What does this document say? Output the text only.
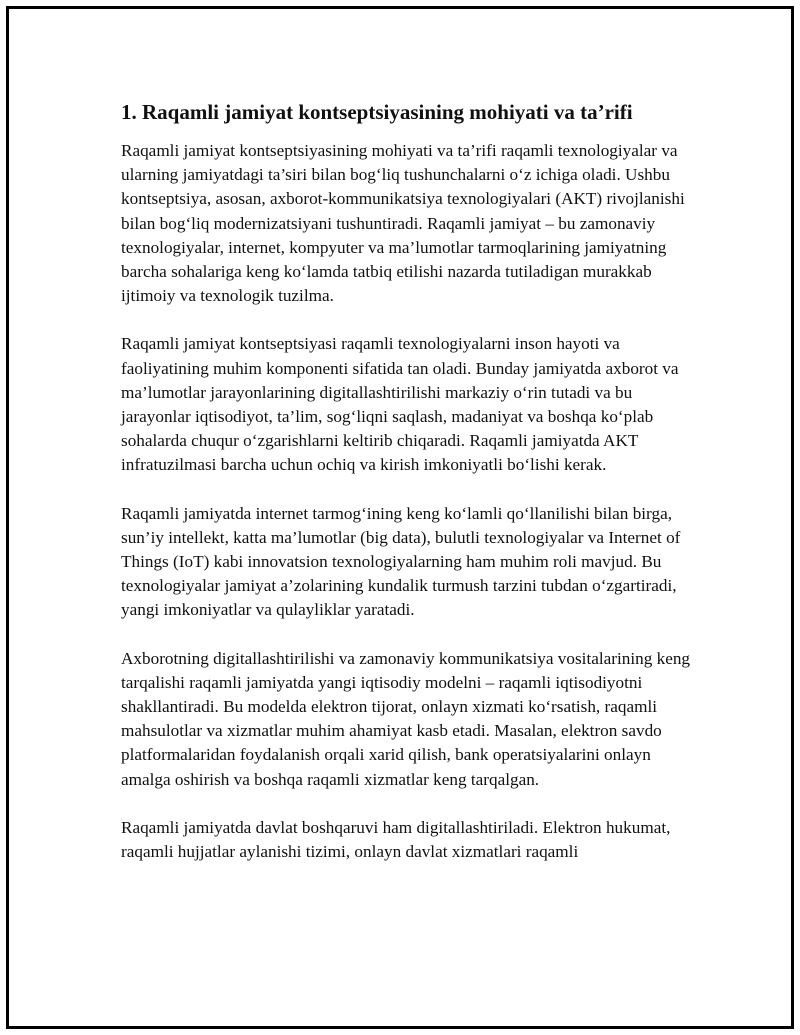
1. Raqamli jamiyat kontseptsiyasining mohiyati va ta’rifi

Raqamli jamiyat kontseptsiyasining mohiyati va ta’rifi raqamli texnologiyalar va ularning jamiyatdagi ta’siri bilan bog‘liq tushunchalarni o‘z ichiga oladi. Ushbu kontseptsiya, asosan, axborot-kommunikatsiya texnologiyalari (AKT) rivojlanishi bilan bog‘liq modernizatsiyani tushuntiradi. Raqamli jamiyat – bu zamonaviy texnologiyalar, internet, kompyuter va ma’lumotlar tarmoqlarining jamiyatning barcha sohalariga keng ko‘lamda tatbiq etilishi nazarda tutiladigan murakkab ijtimoiy va texnologik tuzilma.

Raqamli jamiyat kontseptsiyasi raqamli texnologiyalarni inson hayoti va faoliyatining muhim komponenti sifatida tan oladi. Bunday jamiyatda axborot va ma’lumotlar jarayonlarining digitallashtirilishi markaziy o‘rin tutadi va bu jarayonlar iqtisodiyot, ta’lim, sog‘liqni saqlash, madaniyat va boshqa ko‘plab sohalarda chuqur o‘zgarishlarni keltirib chiqaradi. Raqamli jamiyatda AKT infratuzilmasi barcha uchun ochiq va kirish imkoniyatli bo‘lishi kerak.

Raqamli jamiyatda internet tarmog‘ining keng ko‘lamli qo‘llanilishi bilan birga, sun’iy intellekt, katta ma’lumotlar (big data), bulutli texnologiyalar va Internet of Things (IoT) kabi innovatsion texnologiyalarning ham muhim roli mavjud. Bu texnologiyalar jamiyat a’zolarining kundalik turmush tarzini tubdan o‘zgartiradi, yangi imkoniyatlar va qulayliklar yaratadi.

Axborotning digitallashtirilishi va zamonaviy kommunikatsiya vositalarining keng tarqalishi raqamli jamiyatda yangi iqtisodiy modelni – raqamli iqtisodiyotni shakllantiradi. Bu modelda elektron tijorat, onlayn xizmati ko‘rsatish, raqamli mahsulotlar va xizmatlar muhim ahamiyat kasb etadi. Masalan, elektron savdo platformalaridan foydalanish orqali xarid qilish, bank operatsiyalarini onlayn amalga oshirish va boshqa raqamli xizmatlar keng tarqalgan.

Raqamli jamiyatda davlat boshqaruvi ham digitallashtiriladi. Elektron hukumat, raqamli hujjatlar aylanishi tizimi, onlayn davlat xizmatlari raqamli
